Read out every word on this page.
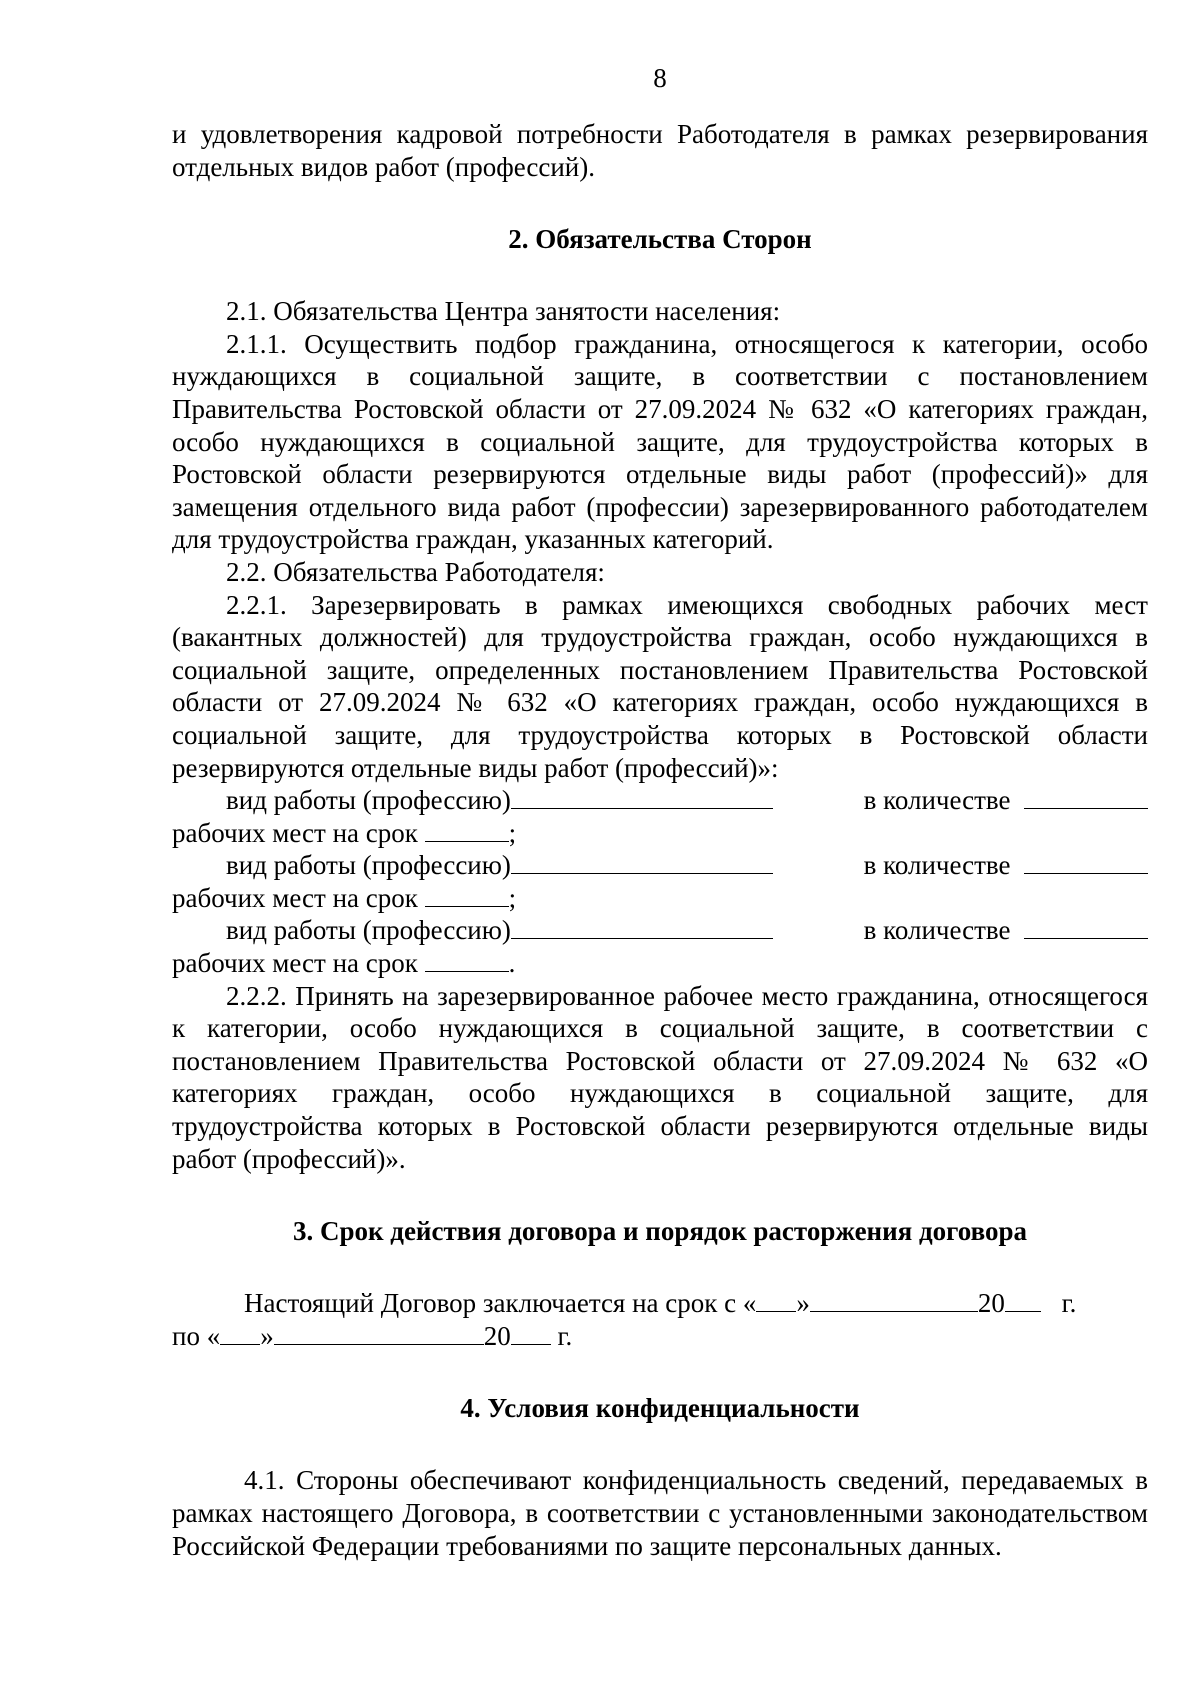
8

и удовлетворения кадровой потребности Работодателя в рамках резервирования отдельных видов работ (профессий).

2. Обязательства Сторон

2.1. Обязательства Центра занятости населения:

2.1.1. Осуществить подбор гражданина, относящегося к категории, особо нуждающихся в социальной защите, в соответствии с постановлением Правительства Ростовской области от 27.09.2024 № 632 «О категориях граждан, особо нуждающихся в социальной защите, для трудоустройства которых в Ростовской области резервируются отдельные виды работ (профессий)» для замещения отдельного вида работ (профессии) зарезервированного работодателем для трудоустройства граждан, указанных категорий.

2.2. Обязательства Работодателя:

2.2.1. Зарезервировать в рамках имеющихся свободных рабочих мест (вакантных должностей) для трудоустройства граждан, особо нуждающихся в социальной защите, определенных постановлением Правительства Ростовской области от 27.09.2024 № 632 «О категориях граждан, особо нуждающихся в социальной защите, для трудоустройства которых в Ростовской области резервируются отдельные виды работ (профессий)»:

вид работы (профессию)	в количестве
рабочих мест на срок	;
вид работы (профессию)	в количестве
рабочих мест на срок	;
вид работы (профессию)	в количестве
рабочих мест на срок	.

2.2.2. Принять на зарезервированное рабочее место гражданина, относящегося к категории, особо нуждающихся в социальной защите, в соответствии с постановлением Правительства Ростовской области от 27.09.2024 № 632 «О категориях граждан, особо нуждающихся в социальной защите, для трудоустройства которых в Ростовской области резервируются отдельные виды работ (профессий)».

3. Срок действия договора и порядок расторжения договора

Настоящий Договор заключается на срок с « »	20 г.
по « »	20 г.

4. Условия конфиденциальности

4.1. Стороны обеспечивают конфиденциальность сведений, передаваемых в рамках настоящего Договора, в соответствии с установленными законодательством Российской Федерации требованиями по защите персональных данных.
